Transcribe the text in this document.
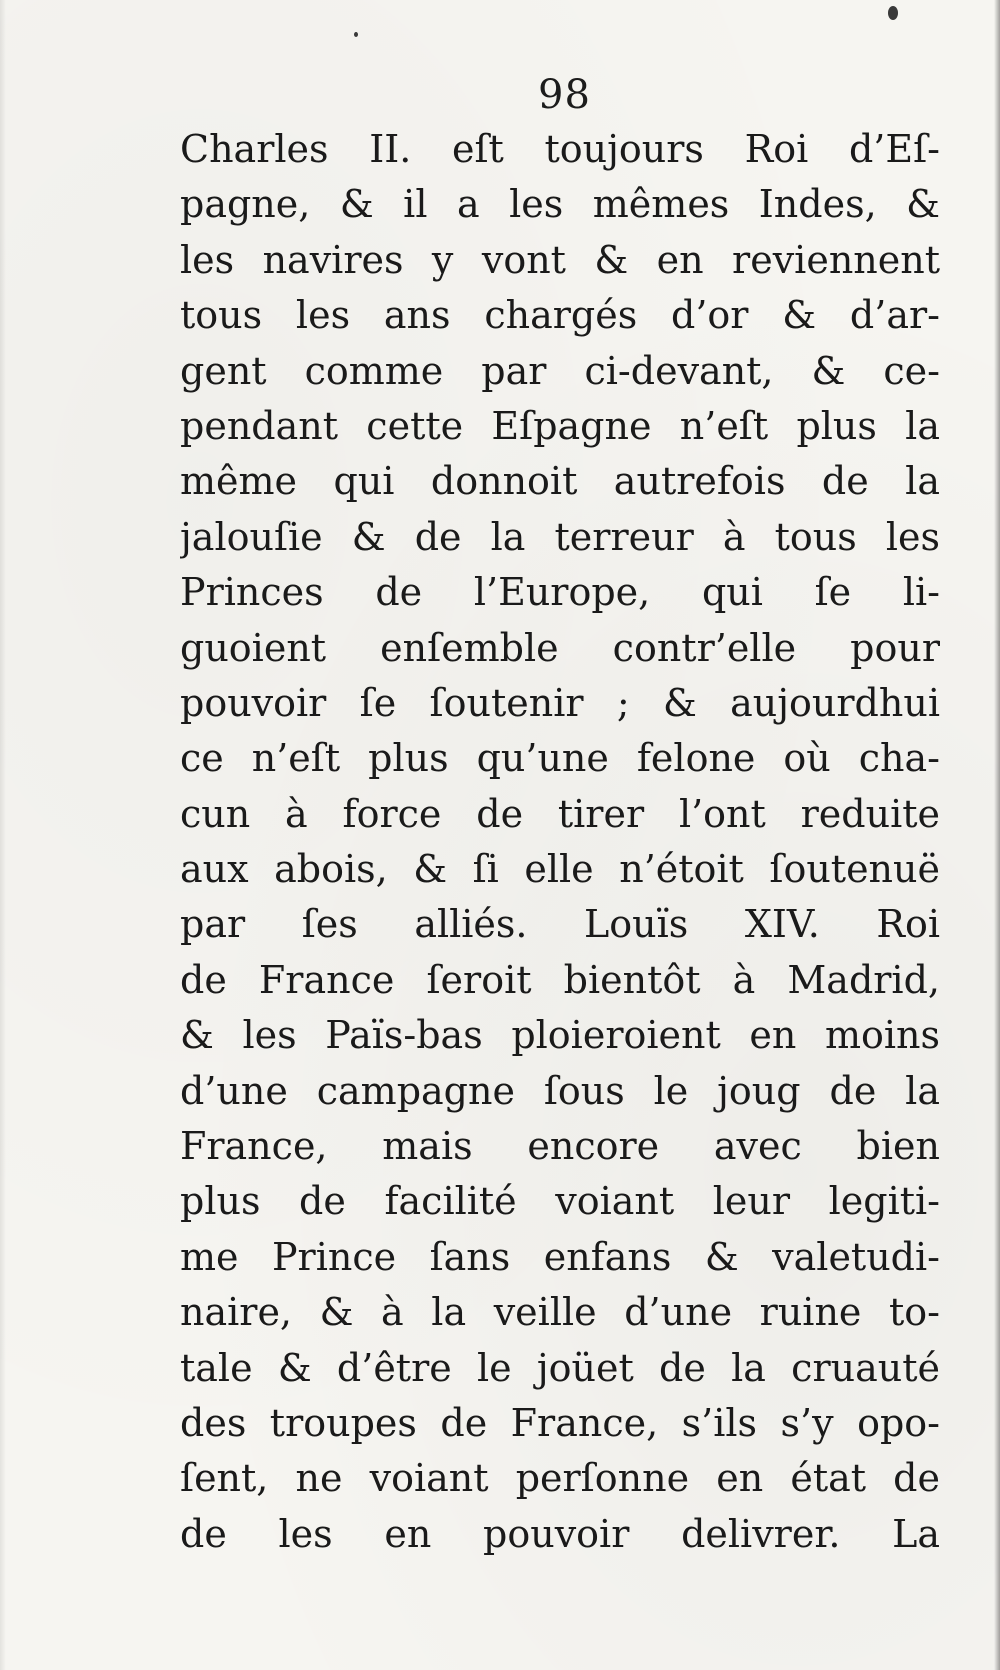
98
Charles II. eſt toujours Roi d’Eſ-
pagne, & il a les mêmes Indes, &
les navires y vont & en reviennent
tous les ans chargés d’or & d’ar-
gent comme par ci-devant, & ce-
pendant cette Eſpagne n’eſt plus la
même qui donnoit autrefois de la
jalouſie & de la terreur à tous les
Princes de l’Europe, qui ſe li-
guoient enſemble contr’elle pour
pouvoir ſe ſoutenir ; & aujourdhui
ce n’eſt plus qu’une felone où cha-
cun à force de tirer l’ont reduite
aux abois, & ſi elle n’étoit ſoutenuë
par ſes alliés. Louïs XIV. Roi
de France ſeroit bientôt à Madrid,
& les Païs-bas ploieroient en moins
d’une campagne ſous le joug de la
France, mais encore avec bien
plus de facilité voiant leur legiti-
me Prince ſans enfans & valetudi-
naire, & à la veille d’une ruine to-
tale & d’être le joüet de la cruauté
des troupes de France, s’ils s’y opo-
ſent, ne voiant perſonne en état de
de les en pouvoir delivrer. La
